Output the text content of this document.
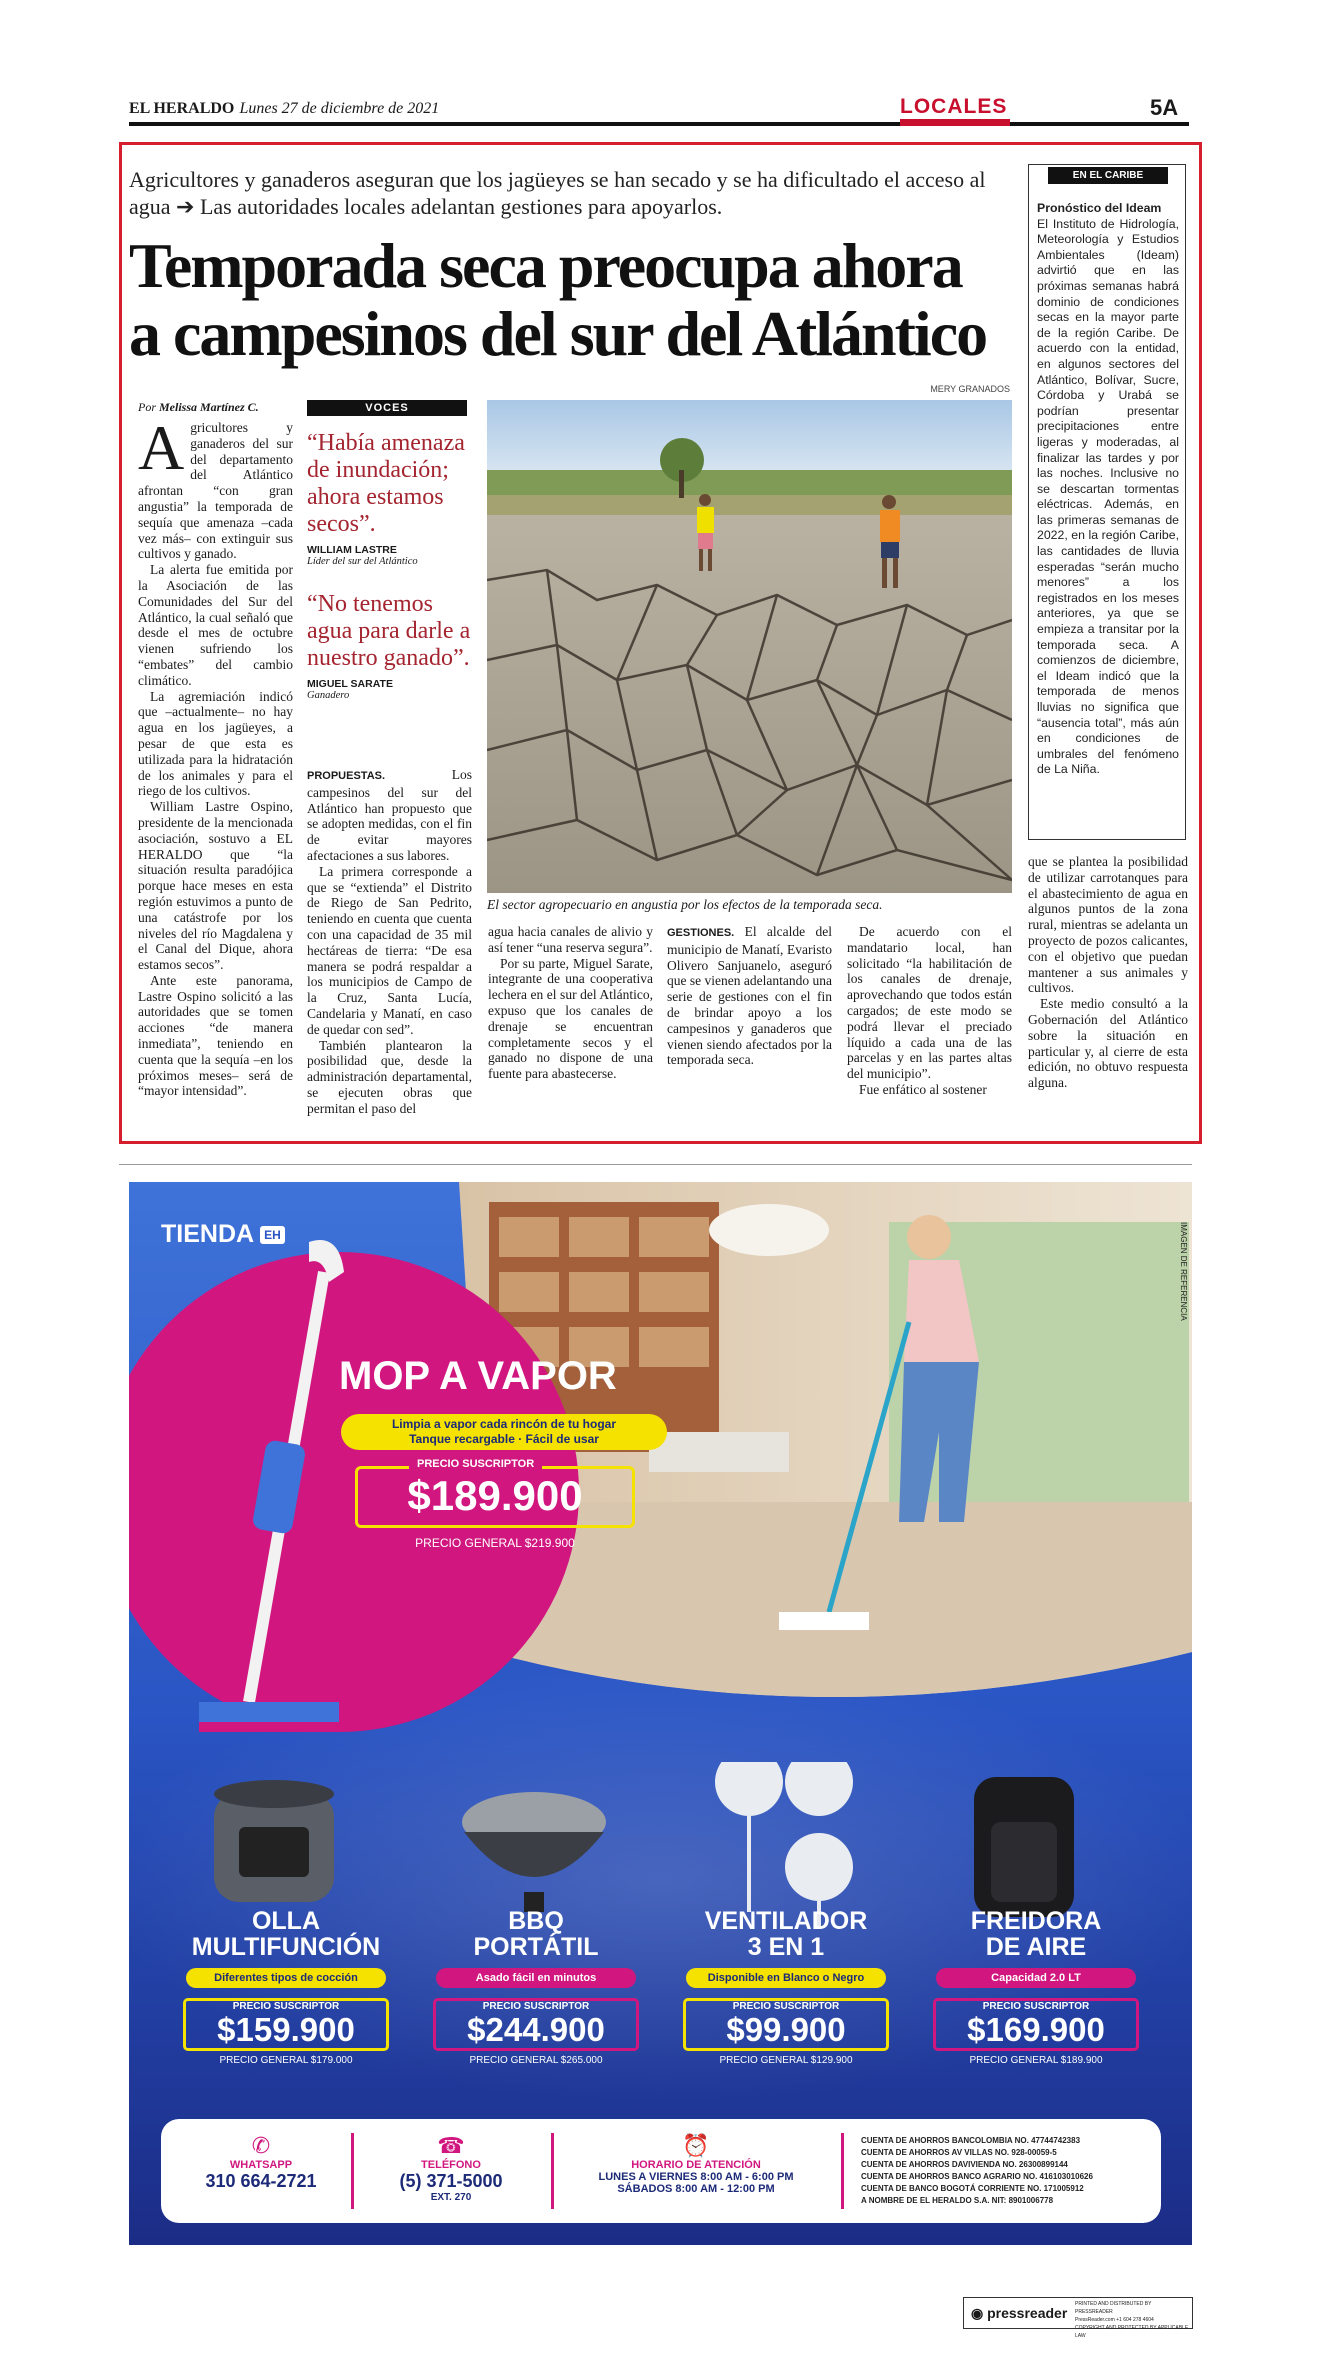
EL HERALDO Lunes 27 de diciembre de 2021	LOCALES	5A
Agricultores y ganaderos aseguran que los jagüeyes se han secado y se ha dificultado el acceso al agua ➔ Las autoridades locales adelantan gestiones para apoyarlos.
Temporada seca preocupa ahora
a campesinos del sur del Atlántico
MERY GRANADOS
Por Melissa Martínez C.

Agricultores y ganaderos del sur del departamento del Atlántico afrontan “con gran angustia” la temporada de sequía que amenaza –cada vez más– con extinguir sus cultivos y ganado.

La alerta fue emitida por la Asociación de las Comunidades del Sur del Atlántico, la cual señaló que desde el mes de octubre vienen sufriendo los “embates” del cambio climático.

La agremiación indicó que –actualmente– no hay agua en los jagüeyes, a pesar de que esta es utilizada para la hidratación de los animales y para el riego de los cultivos.

William Lastre Ospino, presidente de la mencionada asociación, sostuvo a EL HERALDO que “la situación resulta paradójica porque hace meses en esta región estuvimos a punto de una catástrofe por los niveles del río Magdalena y el Canal del Dique, ahora estamos secos”.

Ante este panorama, Lastre Ospino solicitó a las autoridades que se tomen acciones “de manera inmediata”, teniendo en cuenta que la sequía –en los próximos meses– será de “mayor intensidad”.

VOCES
“Había amenaza de inundación; ahora estamos secos”.
WILLIAM LASTRE
Líder del sur del Atlántico
“No tenemos agua para darle a nuestro ganado”.
MIGUEL SARATE
Ganadero

PROPUESTAS.	Los campesinos del sur del Atlántico han propuesto que se adopten medidas, con el fin de evitar mayores afectaciones a sus labores.

La primera corresponde a que se “extienda” el Distrito de Riego de San Pedrito, teniendo en cuenta que cuenta con una capacidad de 35 mil hectáreas de tierra: “De esa manera se podrá respaldar a los municipios de Campo de la Cruz, Santa Lucía, Candelaria y Manatí, en caso de quedar con sed”.

También plantearon la posibilidad que, desde la administración departamental, se ejecuten obras que permitan el paso del

El sector agropecuario en angustia por los efectos de la temporada seca.

agua hacia canales de alivio y así tener “una reserva segura”.

Por su parte, Miguel Sarate, integrante de una cooperativa lechera en el sur del Atlántico, expuso que los canales de drenaje se encuentran completamente secos y el ganado no dispone de una fuente para abastecerse.

GESTIONES. El alcalde del municipio de Manatí, Evaristo Olivero Sanjuanelo, aseguró que se vienen adelantando una serie de gestiones con el fin de brindar apoyo a los campesinos y ganaderos que vienen siendo afectados por la temporada seca.

De acuerdo con el mandatario local, han solicitado “la habilitación de los canales de drenaje, aprovechando que todos están cargados; de este modo se podrá llevar el preciado líquido a cada una de las parcelas y en las partes altas del municipio”.

Fue enfático al sostener

que se plantea la posibilidad de utilizar carrotanques para el abastecimiento de agua en algunos puntos de la zona rural, mientras se adelanta un proyecto de pozos calicantes, con el objetivo que puedan mantener a sus animales y cultivos.

Este medio consultó a la Gobernación del Atlántico sobre la situación en particular y, al cierre de esta edición, no obtuvo respuesta alguna.

EN EL CARIBE
Pronóstico del Ideam
El Instituto de Hidrología, Meteorología y Estudios Ambientales (Ideam) advirtió que en las próximas semanas habrá dominio de condiciones secas en la mayor parte de la región Caribe. De acuerdo con la entidad, en algunos sectores del Atlántico, Bolívar, Sucre, Córdoba y Urabá se podrían presentar precipitaciones entre ligeras y moderadas, al finalizar las tardes y por las noches. Inclusive no se descartan tormentas eléctricas. Además, en las primeras semanas de 2022, en la región Caribe, las cantidades de lluvia esperadas “serán mucho menores” a los registrados en los meses anteriores, ya que se empieza a transitar por la temporada seca. A comienzos de diciembre, el Ideam indicó que la temporada de menos lluvias no significa que “ausencia total”, más aún en condiciones de umbrales del fenómeno de La Niña.
TIENDA EH	IMAGEN DE REFERENCIA
MOP A VAPOR
Limpia a vapor cada rincón de tu hogar
Tanque recargable · Fácil de usar
PRECIO SUSCRIPTOR
$189.900
PRECIO GENERAL $219.900
OLLA
MULTIFUNCIÓN
Diferentes tipos de cocción
PRECIO SUSCRIPTOR
$159.900
PRECIO GENERAL $179.000
BBQ
PORTÁTIL
Asado fácil en minutos
PRECIO SUSCRIPTOR
$244.900
PRECIO GENERAL $265.000
VENTILADOR
3 EN 1
Disponible en Blanco o Negro
PRECIO SUSCRIPTOR
$99.900
PRECIO GENERAL $129.900
FREIDORA
DE AIRE
Capacidad 2.0 LT
PRECIO SUSCRIPTOR
$169.900
PRECIO GENERAL $189.900
✆
WHATSAPP
310 664-2721
☎
TELÉFONO
(5) 371-5000
EXT. 270
⏰
HORARIO DE ATENCIÓN
LUNES A VIERNES 8:00 AM - 6:00 PM
SÁBADOS 8:00 AM - 12:00 PM
CUENTA DE AHORROS BANCOLOMBIA NO. 47744742383
CUENTA DE AHORROS AV VILLAS NO. 928-00059-5
CUENTA DE AHORROS DAVIVIENDA NO. 26300899144
CUENTA DE AHORROS BANCO AGRARIO NO. 416103010626
CUENTA DE BANCO BOGOTÁ CORRIENTE NO. 171005912
A NOMBRE DE EL HERALDO S.A. NIT: 8901006778
◉ pressreader
PRINTED AND DISTRIBUTED BY PRESSREADER
PressReader.com +1 604 278 4604
COPYRIGHT AND PROTECTED BY APPLICABLE LAW
